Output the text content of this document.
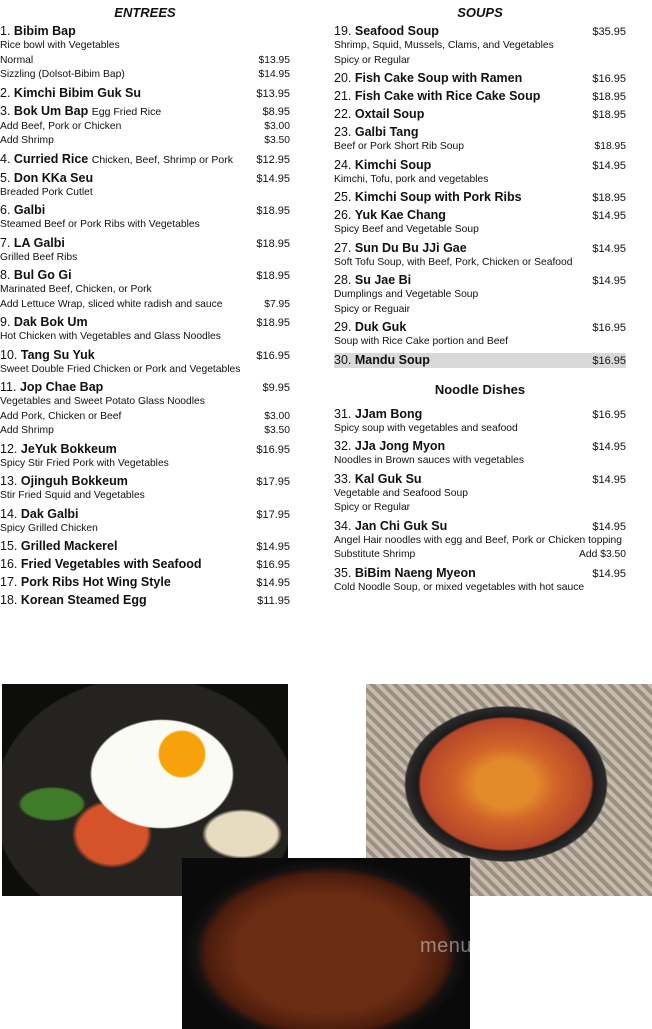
ENTREES
1. Bibim Bap
Rice bowl with Vegetables
Normal	$13.95
Sizzling (Dolsot-Bibim Bap)	$14.95
2. Kimchi Bibim Guk Su	$13.95
3. Bok Um Bap Egg Fried Rice	$8.95
Add Beef, Pork or Chicken	$3.00
Add Shrimp	$3.50
4. Curried Rice Chicken, Beef, Shrimp or Pork $12.95
5. Don KKa Seu	$14.95
Breaded Pork Cutlet
6. Galbi	$18.95
Steamed Beef or Pork Ribs with Vegetables
7. LA Galbi	$18.95
Grilled Beef Ribs
8. Bul Go Gi	$18.95
Marinated Beef, Chicken, or Pork
Add Lettuce Wrap, sliced white radish and sauce	$7.95
9. Dak Bok Um	$18.95
Hot Chicken with Vegetables and Glass Noodles
10. Tang Su Yuk	$16.95
Sweet Double Fried Chicken or Pork and Vegetables
11. Jop Chae Bap	$9.95
Vegetables and Sweet Potato Glass Noodles
Add Pork, Chicken or Beef	$3.00
Add Shrimp	$3.50
12. JeYuk Bokkeum	$16.95
Spicy Stir Fried Pork with Vegetables
13. Ojinguh Bokkeum	$17.95
Stir Fried Squid and Vegetables
14. Dak Galbi	$17.95
Spicy Grilled Chicken
15. Grilled Mackerel	$14.95
16. Fried Vegetables with Seafood	$16.95
17. Pork Ribs Hot Wing Style	$14.95
18. Korean Steamed Egg	$11.95
SOUPS
19. Seafood Soup	$35.95
Shrimp, Squid, Mussels, Clams, and Vegetables
Spicy or Regular
20. Fish Cake Soup with Ramen	$16.95
21. Fish Cake with Rice Cake Soup	$18.95
22. Oxtail Soup	$18.95
23. Galbi Tang
Beef or Pork Short Rib Soup	$18.95
24. Kimchi Soup	$14.95
Kimchi, Tofu, pork and vegetables
25. Kimchi Soup with Pork Ribs	$18.95
26. Yuk Kae Chang	$14.95
Spicy Beef and Vegetable Soup
27. Sun Du Bu JJi Gae	$14.95
Soft Tofu Soup, with Beef, Pork, Chicken or Seafood
28. Su Jae Bi	$14.95
Dumplings and Vegetable Soup
Spicy or Reguair
29. Duk Guk	$16.95
Soup with Rice Cake portion and Beef
30. Mandu Soup	$16.95
Noodle Dishes
31. JJam Bong	$16.95
Spicy soup with vegetables and seafood
32. JJa Jong Myon	$14.95
Noodles in Brown sauces with vegetables
33. Kal Guk Su	$14.95
Vegetable and Seafood Soup
Spicy or Regular
34. Jan Chi Guk Su	$14.95
Angel Hair noodles with egg and Beef, Pork or Chicken topping
Substitute Shrimp	Add $3.50
35. BiBim Naeng Myeon	$14.95
Cold Noodle Soup, or mixed vegetables with hot sauce
menupix
